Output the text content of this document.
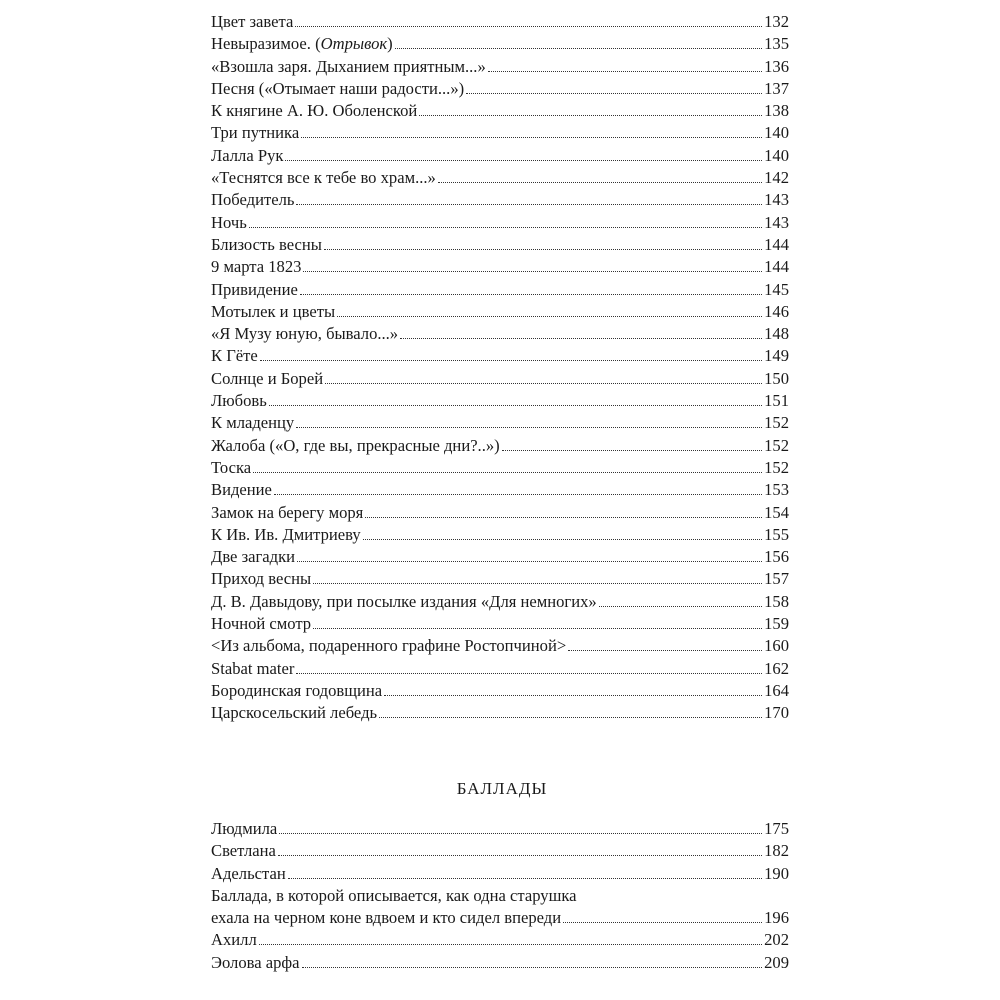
Цвет завета	132
Невыразимое. (Отрывок)	135
«Взошла заря. Дыханием приятным...»	136
Песня («Отымает наши радости...»)	137
К княгине А. Ю. Оболенской	138
Три путника	140
Лалла Рук	140
«Теснятся все к тебе во храм...»	142
Победитель	143
Ночь	143
Близость весны	144
9 марта 1823	144
Привидение	145
Мотылек и цветы	146
«Я Музу юную, бывало...»	148
К Гёте	149
Солнце и Борей	150
Любовь	151
К младенцу	152
Жалоба («О, где вы, прекрасные дни?..»)	152
Тоска	152
Видение	153
Замок на берегу моря	154
К Ив. Ив. Дмитриеву	155
Две загадки	156
Приход весны	157
Д. В. Давыдову, при посылке издания «Для немногих»	158
Ночной смотр	159
<Из альбома, подаренного графине Ростопчиной>	160
Stabat mater	162
Бородинская годовщина	164
Царскосельский лебедь	170
БАЛЛАДЫ
Людмила	175
Светлана	182
Адельстан	190
Баллада, в которой описывается, как одна старушка
ехала на черном коне вдвоем и кто сидел впереди	196
Ахилл	202
Эолова арфа	209
